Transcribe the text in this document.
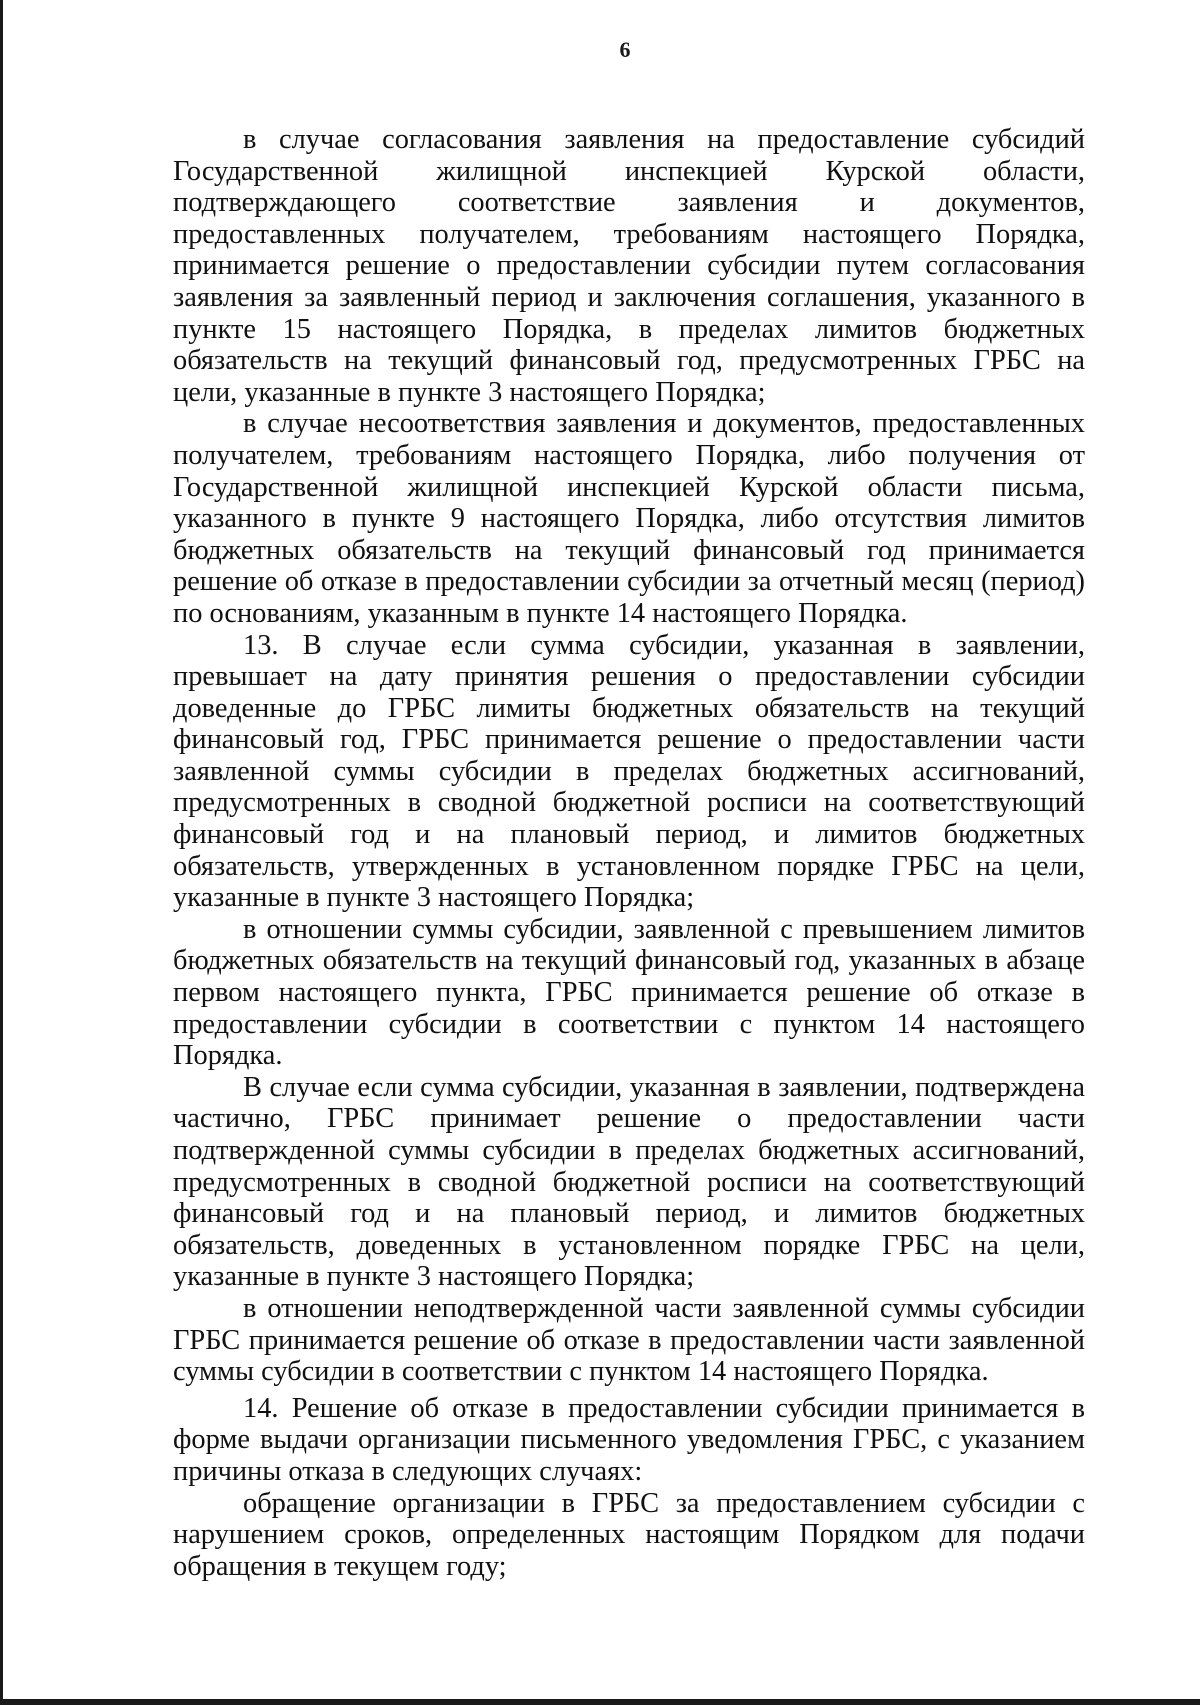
6

в случае согласования заявления на предоставление субсидий Государственной жилищной инспекцией Курской области, подтверждающего соответствие заявления и документов, предоставленных получателем, требованиям настоящего Порядка, принимается решение о предоставлении субсидии путем согласования заявления за заявленный период и заключения соглашения, указанного в пункте 15 настоящего Порядка, в пределах лимитов бюджетных обязательств на текущий финансовый год, предусмотренных ГРБС на цели, указанные в пункте 3 настоящего Порядка;

в случае несоответствия заявления и документов, предоставленных получателем, требованиям настоящего Порядка, либо получения от Государственной жилищной инспекцией Курской области письма, указанного в пункте 9 настоящего Порядка, либо отсутствия лимитов бюджетных обязательств на текущий финансовый год принимается решение об отказе в предоставлении субсидии за отчетный месяц (период) по основаниям, указанным в пункте 14 настоящего Порядка.

13. В случае если сумма субсидии, указанная в заявлении, превышает на дату принятия решения о предоставлении субсидии доведенные до ГРБС лимиты бюджетных обязательств на текущий финансовый год, ГРБС принимается решение о предоставлении части заявленной суммы субсидии в пределах бюджетных ассигнований, предусмотренных в сводной бюджетной росписи на соответствующий финансовый год и на плановый период, и лимитов бюджетных обязательств, утвержденных в установленном порядке ГРБС на цели, указанные в пункте 3 настоящего Порядка;

в отношении суммы субсидии, заявленной с превышением лимитов бюджетных обязательств на текущий финансовый год, указанных в абзаце первом настоящего пункта, ГРБС принимается решение об отказе в предоставлении субсидии в соответствии с пунктом 14 настоящего Порядка.

В случае если сумма субсидии, указанная в заявлении, подтверждена частично, ГРБС принимает решение о предоставлении части подтвержденной суммы субсидии в пределах бюджетных ассигнований, предусмотренных в сводной бюджетной росписи на соответствующий финансовый год и на плановый период, и лимитов бюджетных обязательств, доведенных в установленном порядке ГРБС на цели, указанные в пункте 3 настоящего Порядка;

в отношении неподтвержденной части заявленной суммы субсидии ГРБС принимается решение об отказе в предоставлении части заявленной суммы субсидии в соответствии с пунктом 14 настоящего Порядка.

14. Решение об отказе в предоставлении субсидии принимается в форме выдачи организации письменного уведомления ГРБС, с указанием причины отказа в следующих случаях:

обращение организации в ГРБС за предоставлением субсидии с нарушением сроков, определенных настоящим Порядком для подачи обращения в текущем году;
